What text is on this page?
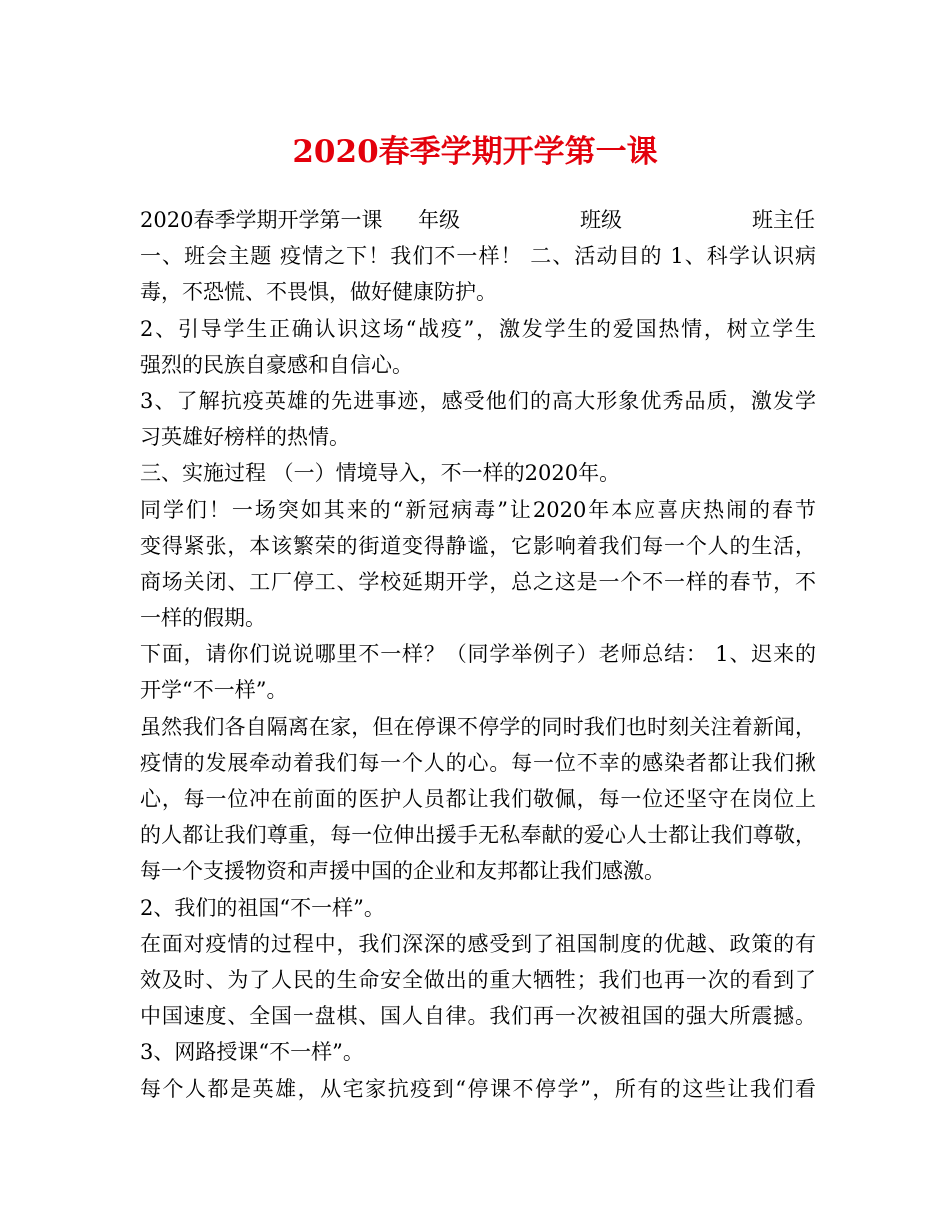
2020春季学期开学第一课
2020春季学期开学第一课 年级	班级	班主任
一、班会主题 疫情之下！我们不一样！ 二、活动目的 1、科学认识病
毒，不恐慌、不畏惧，做好健康防护。
2、引导学生正确认识这场“战疫”，激发学生的爱国热情，树立学生
强烈的民族自豪感和自信心。
3、了解抗疫英雄的先进事迹，感受他们的高大形象优秀品质，激发学
习英雄好榜样的热情。
三、实施过程 （一）情境导入，不一样的2020年。
同学们！一场突如其来的“新冠病毒”让2020年本应喜庆热闹的春节
变得紧张，本该繁荣的街道变得静谧，它影响着我们每一个人的生活，
商场关闭、工厂停工、学校延期开学，总之这是一个不一样的春节，不
一样的假期。
下面，请你们说说哪里不一样？（同学举例子）老师总结： 1、迟来的
开学“不一样”。
虽然我们各自隔离在家，但在停课不停学的同时我们也时刻关注着新闻，
疫情的发展牵动着我们每一个人的心。每一位不幸的感染者都让我们揪
心，每一位冲在前面的医护人员都让我们敬佩，每一位还坚守在岗位上
的人都让我们尊重，每一位伸出援手无私奉献的爱心人士都让我们尊敬，
每一个支援物资和声援中国的企业和友邦都让我们感激。
2、我们的祖国“不一样”。
在面对疫情的过程中，我们深深的感受到了祖国制度的优越、政策的有
效及时、为了人民的生命安全做出的重大牺牲；我们也再一次的看到了
中国速度、全国一盘棋、国人自律。我们再一次被祖国的强大所震撼。
3、网路授课“不一样”。
每个人都是英雄，从宅家抗疫到“停课不停学”，所有的这些让我们看
